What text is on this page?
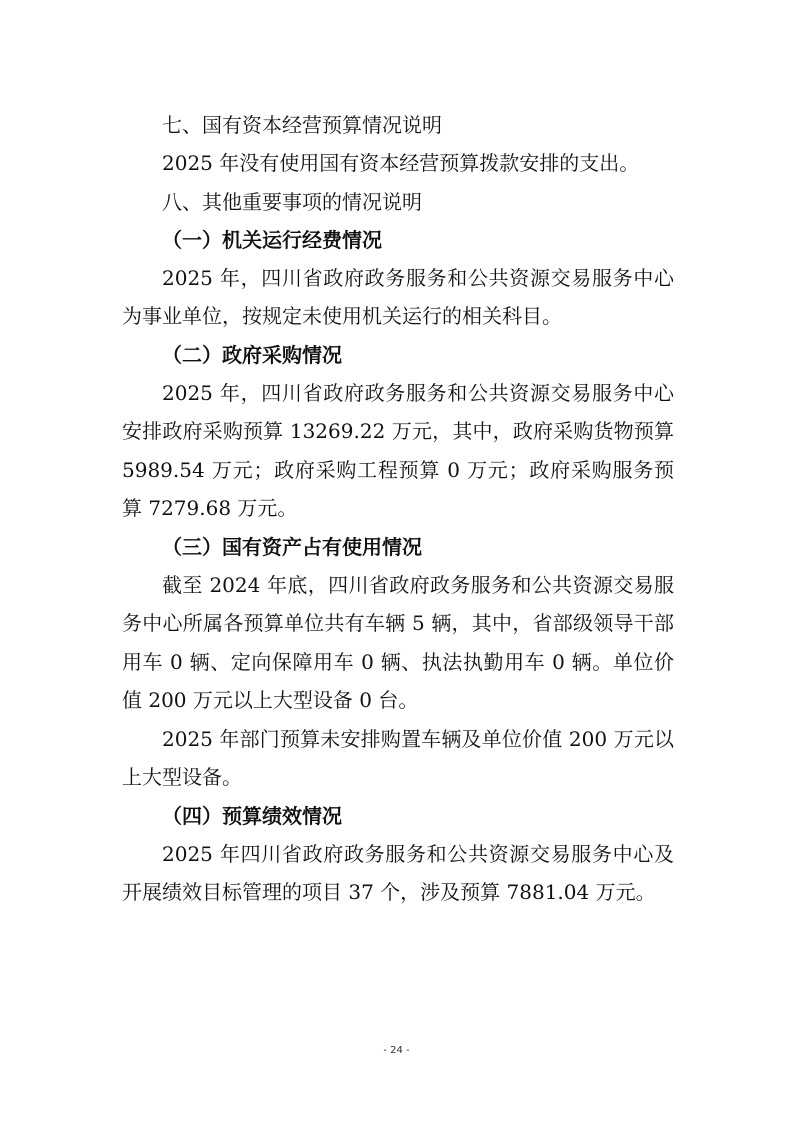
七、国有资本经营预算情况说明
2025 年没有使用国有资本经营预算拨款安排的支出。
八、其他重要事项的情况说明
（一）机关运行经费情况
2025 年，四川省政府政务服务和公共资源交易服务中心为事业单位，按规定未使用机关运行的相关科目。
（二）政府采购情况
2025 年，四川省政府政务服务和公共资源交易服务中心安排政府采购预算 13269.22 万元，其中，政府采购货物预算 5989.54 万元；政府采购工程预算 0 万元；政府采购服务预算 7279.68 万元。
（三）国有资产占有使用情况
截至 2024 年底，四川省政府政务服务和公共资源交易服务中心所属各预算单位共有车辆 5 辆，其中，省部级领导干部用车 0 辆、定向保障用车 0 辆、执法执勤用车 0 辆。单位价值 200 万元以上大型设备 0 台。
2025 年部门预算未安排购置车辆及单位价值 200 万元以上大型设备。
（四）预算绩效情况
2025 年四川省政府政务服务和公共资源交易服务中心及开展绩效目标管理的项目 37 个，涉及预算 7881.04 万元。
- 24 -
